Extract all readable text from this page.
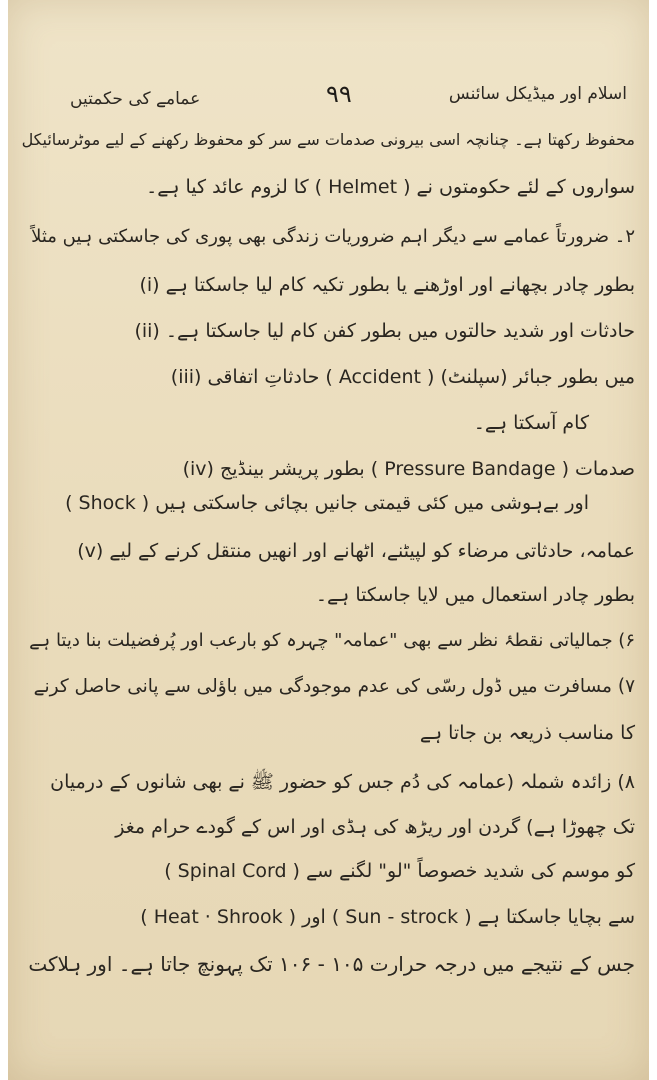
اسلام اور میڈیکل سائنس
۹۹
عمامے کی حکمتیں
محفوظ رکھتا ہے۔ چنانچہ اسی بیرونی صدمات سے سر کو محفوظ رکھنے کے لیے موٹرسائیکل
سواروں کے لئے حکومتوں نے ( Helmet ) کا لزوم عائد کیا ہے۔
۲۔ ضرورتاً عمامے سے دیگر اہم ضروریات زندگی بھی پوری کی جاسکتی ہیں مثلاً
(i) بطور چادر بچھانے اور اوڑھنے یا بطور تکیہ کام لیا جاسکتا ہے
(ii) حادثات اور شدید حالتوں میں بطور کفن کام لیا جاسکتا ہے۔
(iii) حادثاتِ اتفاقی ( Accident ) میں بطور جبائر (سپلنٹ)
کام آسکتا ہے۔
(iv) بطور پریشر بینڈیج ( Pressure Bandage ) صدمات
( Shock ) اور بےہوشی میں کئی قیمتی جانیں بچائی جاسکتی ہیں
(v) عمامہ، حادثاتی مرضاء کو لپیٹنے، اٹھانے اور انھیں منتقل کرنے کے لیے
بطور چادر استعمال میں لایا جاسکتا ہے۔
۶) جمالیاتی نقطۂ نظر سے بھی "عمامہ" چہرہ کو بارعب اور پُرفضیلت بنا دیتا ہے
۷) مسافرت میں ڈول رسّی کی عدم موجودگی میں باؤلی سے پانی حاصل کرنے
کا مناسب ذریعہ بن جاتا ہے
۸) زائدہ شملہ (عمامہ کی دُم جس کو حضور ﷺ نے بھی شانوں کے درمیان
تک چھوڑا ہے) گردن اور ریڑھ کی ہڈی اور اس کے گودے حرام مغز
( Spinal Cord ) کو موسم کی شدید خصوصاً "لو" لگنے سے
( Heat · Shrook ) اور ( Sun - strock ) سے بچایا جاسکتا ہے
جس کے نتیجے میں درجہ حرارت ۱۰۵ - ۱۰۶ تک پہونچ جاتا ہے۔ اور ہلاکت
